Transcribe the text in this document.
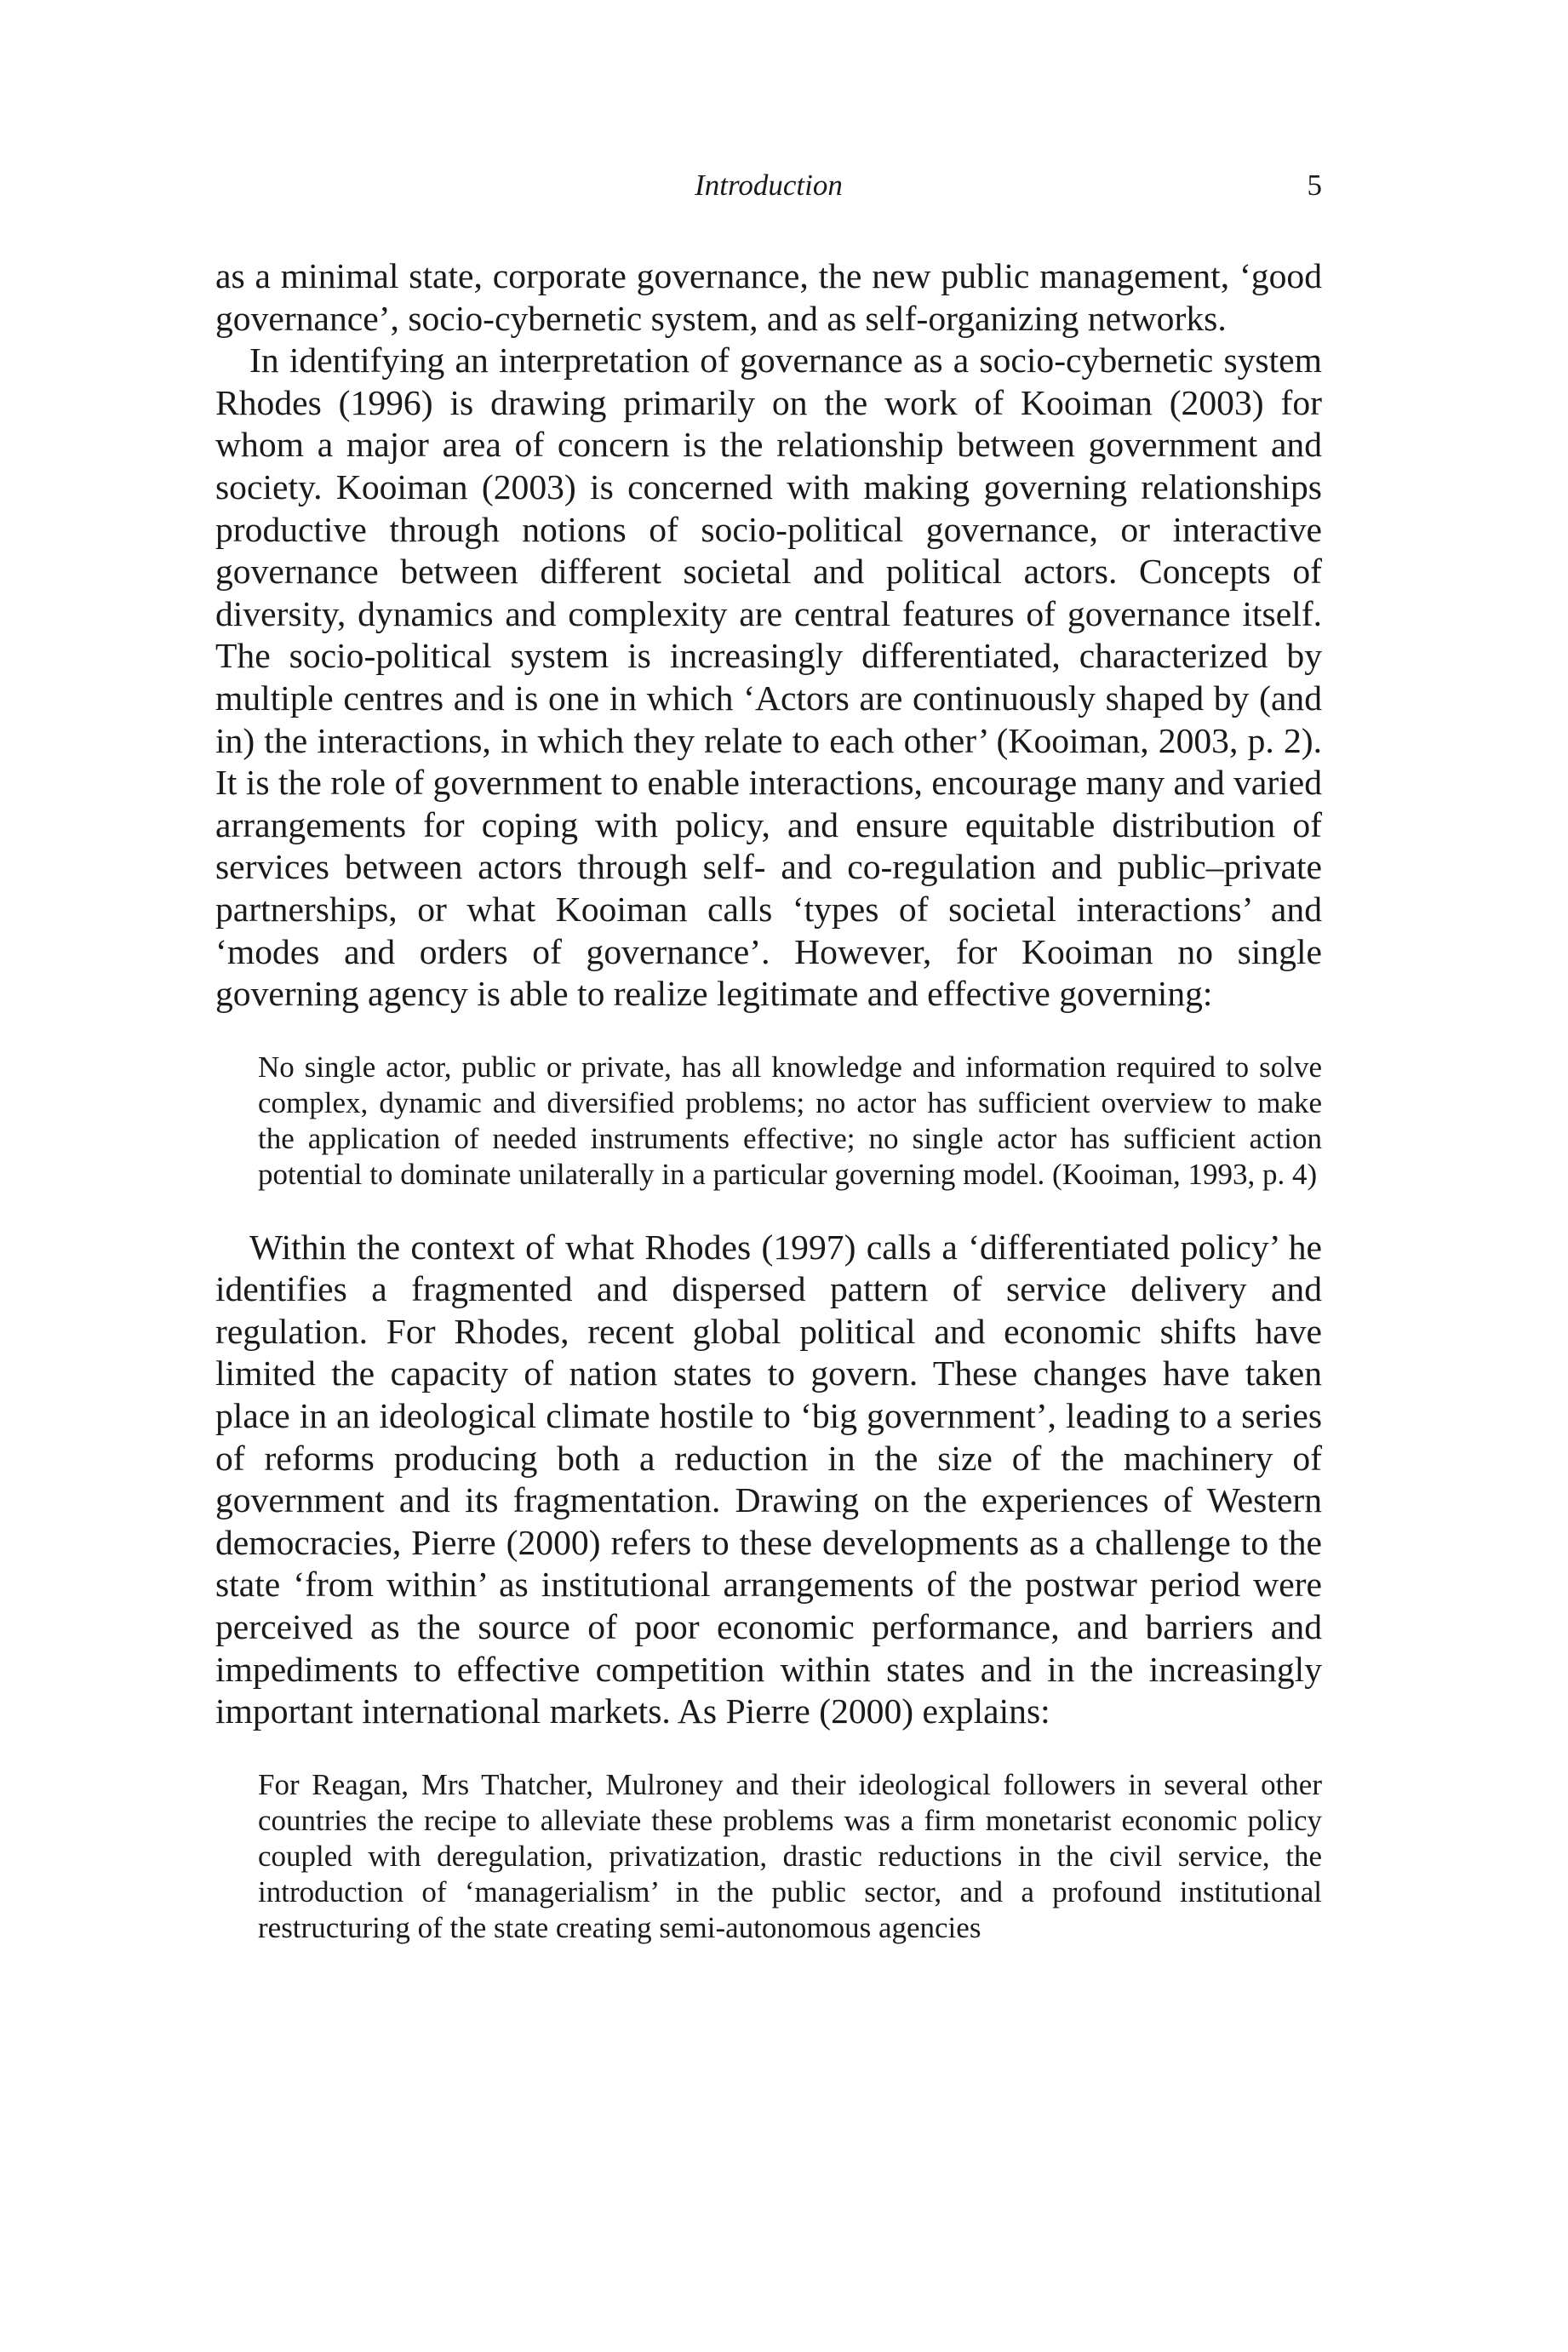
Introduction	5

as a minimal state, corporate governance, the new public management, ‘good governance’, socio-cybernetic system, and as self-organizing networks.

In identifying an interpretation of governance as a socio-cybernetic system Rhodes (1996) is drawing primarily on the work of Kooiman (2003) for whom a major area of concern is the relationship between government and society. Kooiman (2003) is concerned with making governing relationships productive through notions of socio-political governance, or interactive governance between different societal and political actors. Concepts of diversity, dynamics and complexity are central features of governance itself. The socio-political system is increasingly differentiated, characterized by multiple centres and is one in which ‘Actors are continuously shaped by (and in) the interactions, in which they relate to each other’ (Kooiman, 2003, p. 2). It is the role of government to enable interactions, encourage many and varied arrangements for coping with policy, and ensure equitable distribution of services between actors through self- and co-regulation and public–private partnerships, or what Kooiman calls ‘types of societal interactions’ and ‘modes and orders of governance’. However, for Kooiman no single governing agency is able to realize legitimate and effective governing:

No single actor, public or private, has all knowledge and information required to solve complex, dynamic and diversified problems; no actor has sufficient overview to make the application of needed instruments effective; no single actor has sufficient action potential to dominate unilaterally in a particular governing model. (Kooiman, 1993, p. 4)

Within the context of what Rhodes (1997) calls a ‘differentiated policy’ he identifies a fragmented and dispersed pattern of service delivery and regulation. For Rhodes, recent global political and economic shifts have limited the capacity of nation states to govern. These changes have taken place in an ideological climate hostile to ‘big government’, leading to a series of reforms producing both a reduction in the size of the machinery of government and its fragmentation. Drawing on the experiences of Western democracies, Pierre (2000) refers to these developments as a challenge to the state ‘from within’ as institutional arrangements of the postwar period were perceived as the source of poor economic performance, and barriers and impediments to effective competition within states and in the increasingly important international markets. As Pierre (2000) explains:

For Reagan, Mrs Thatcher, Mulroney and their ideological followers in several other countries the recipe to alleviate these problems was a firm monetarist economic policy coupled with deregulation, privatization, drastic reductions in the civil service, the introduction of ‘managerialism’ in the public sector, and a profound institutional restructuring of the state creating semi-autonomous agencies
